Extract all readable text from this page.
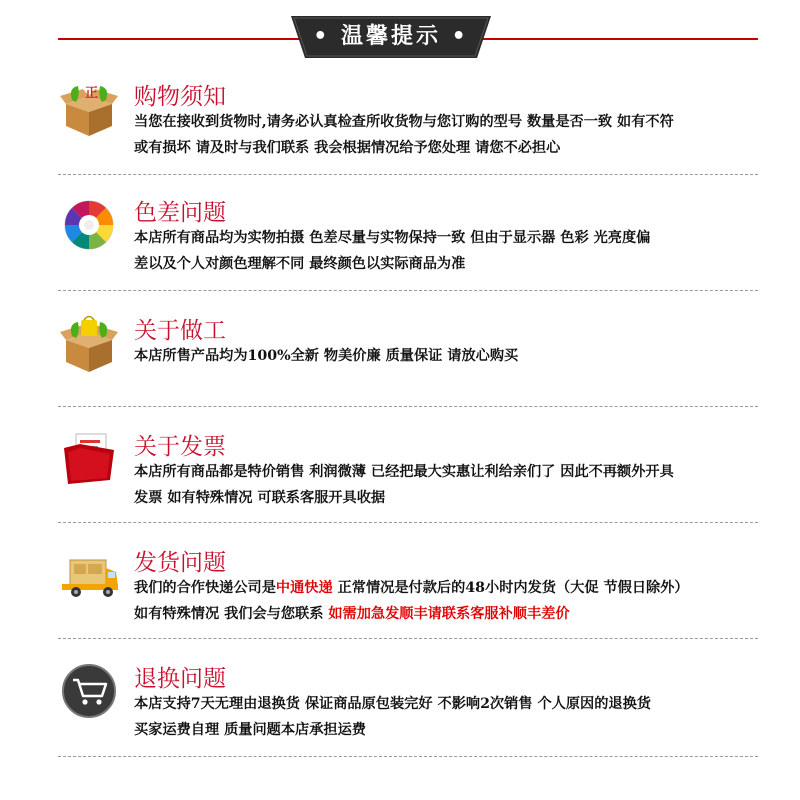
• 温馨提示 •
正 购物须知

当您在接收到货物时,请务必认真检查所收货物与您订购的型号 数量是否一致 如有不符

或有损坏 请及时与我们联系 我会根据情况给予您处理 请您不必担心

色差问题

本店所有商品均为实物拍摄 色差尽量与实物保持一致 但由于显示器 色彩 光亮度偏

差以及个人对颜色理解不同 最终颜色以实际商品为准

关于做工

本店所售产品均为100%全新 物美价廉 质量保证 请放心购买

关于发票

本店所有商品都是特价销售 利润微薄 已经把最大实惠让利给亲们了 因此不再额外开具

发票 如有特殊情况 可联系客服开具收据

发货问题

我们的合作快递公司是中通快递 正常情况是付款后的48小时内发货（大促 节假日除外）

如有特殊情况 我们会与您联系 如需加急发顺丰请联系客服补顺丰差价

退换问题

本店支持7天无理由退换货 保证商品原包装完好 不影响2次销售 个人原因的退换货

买家运费自理 质量问题本店承担运费
